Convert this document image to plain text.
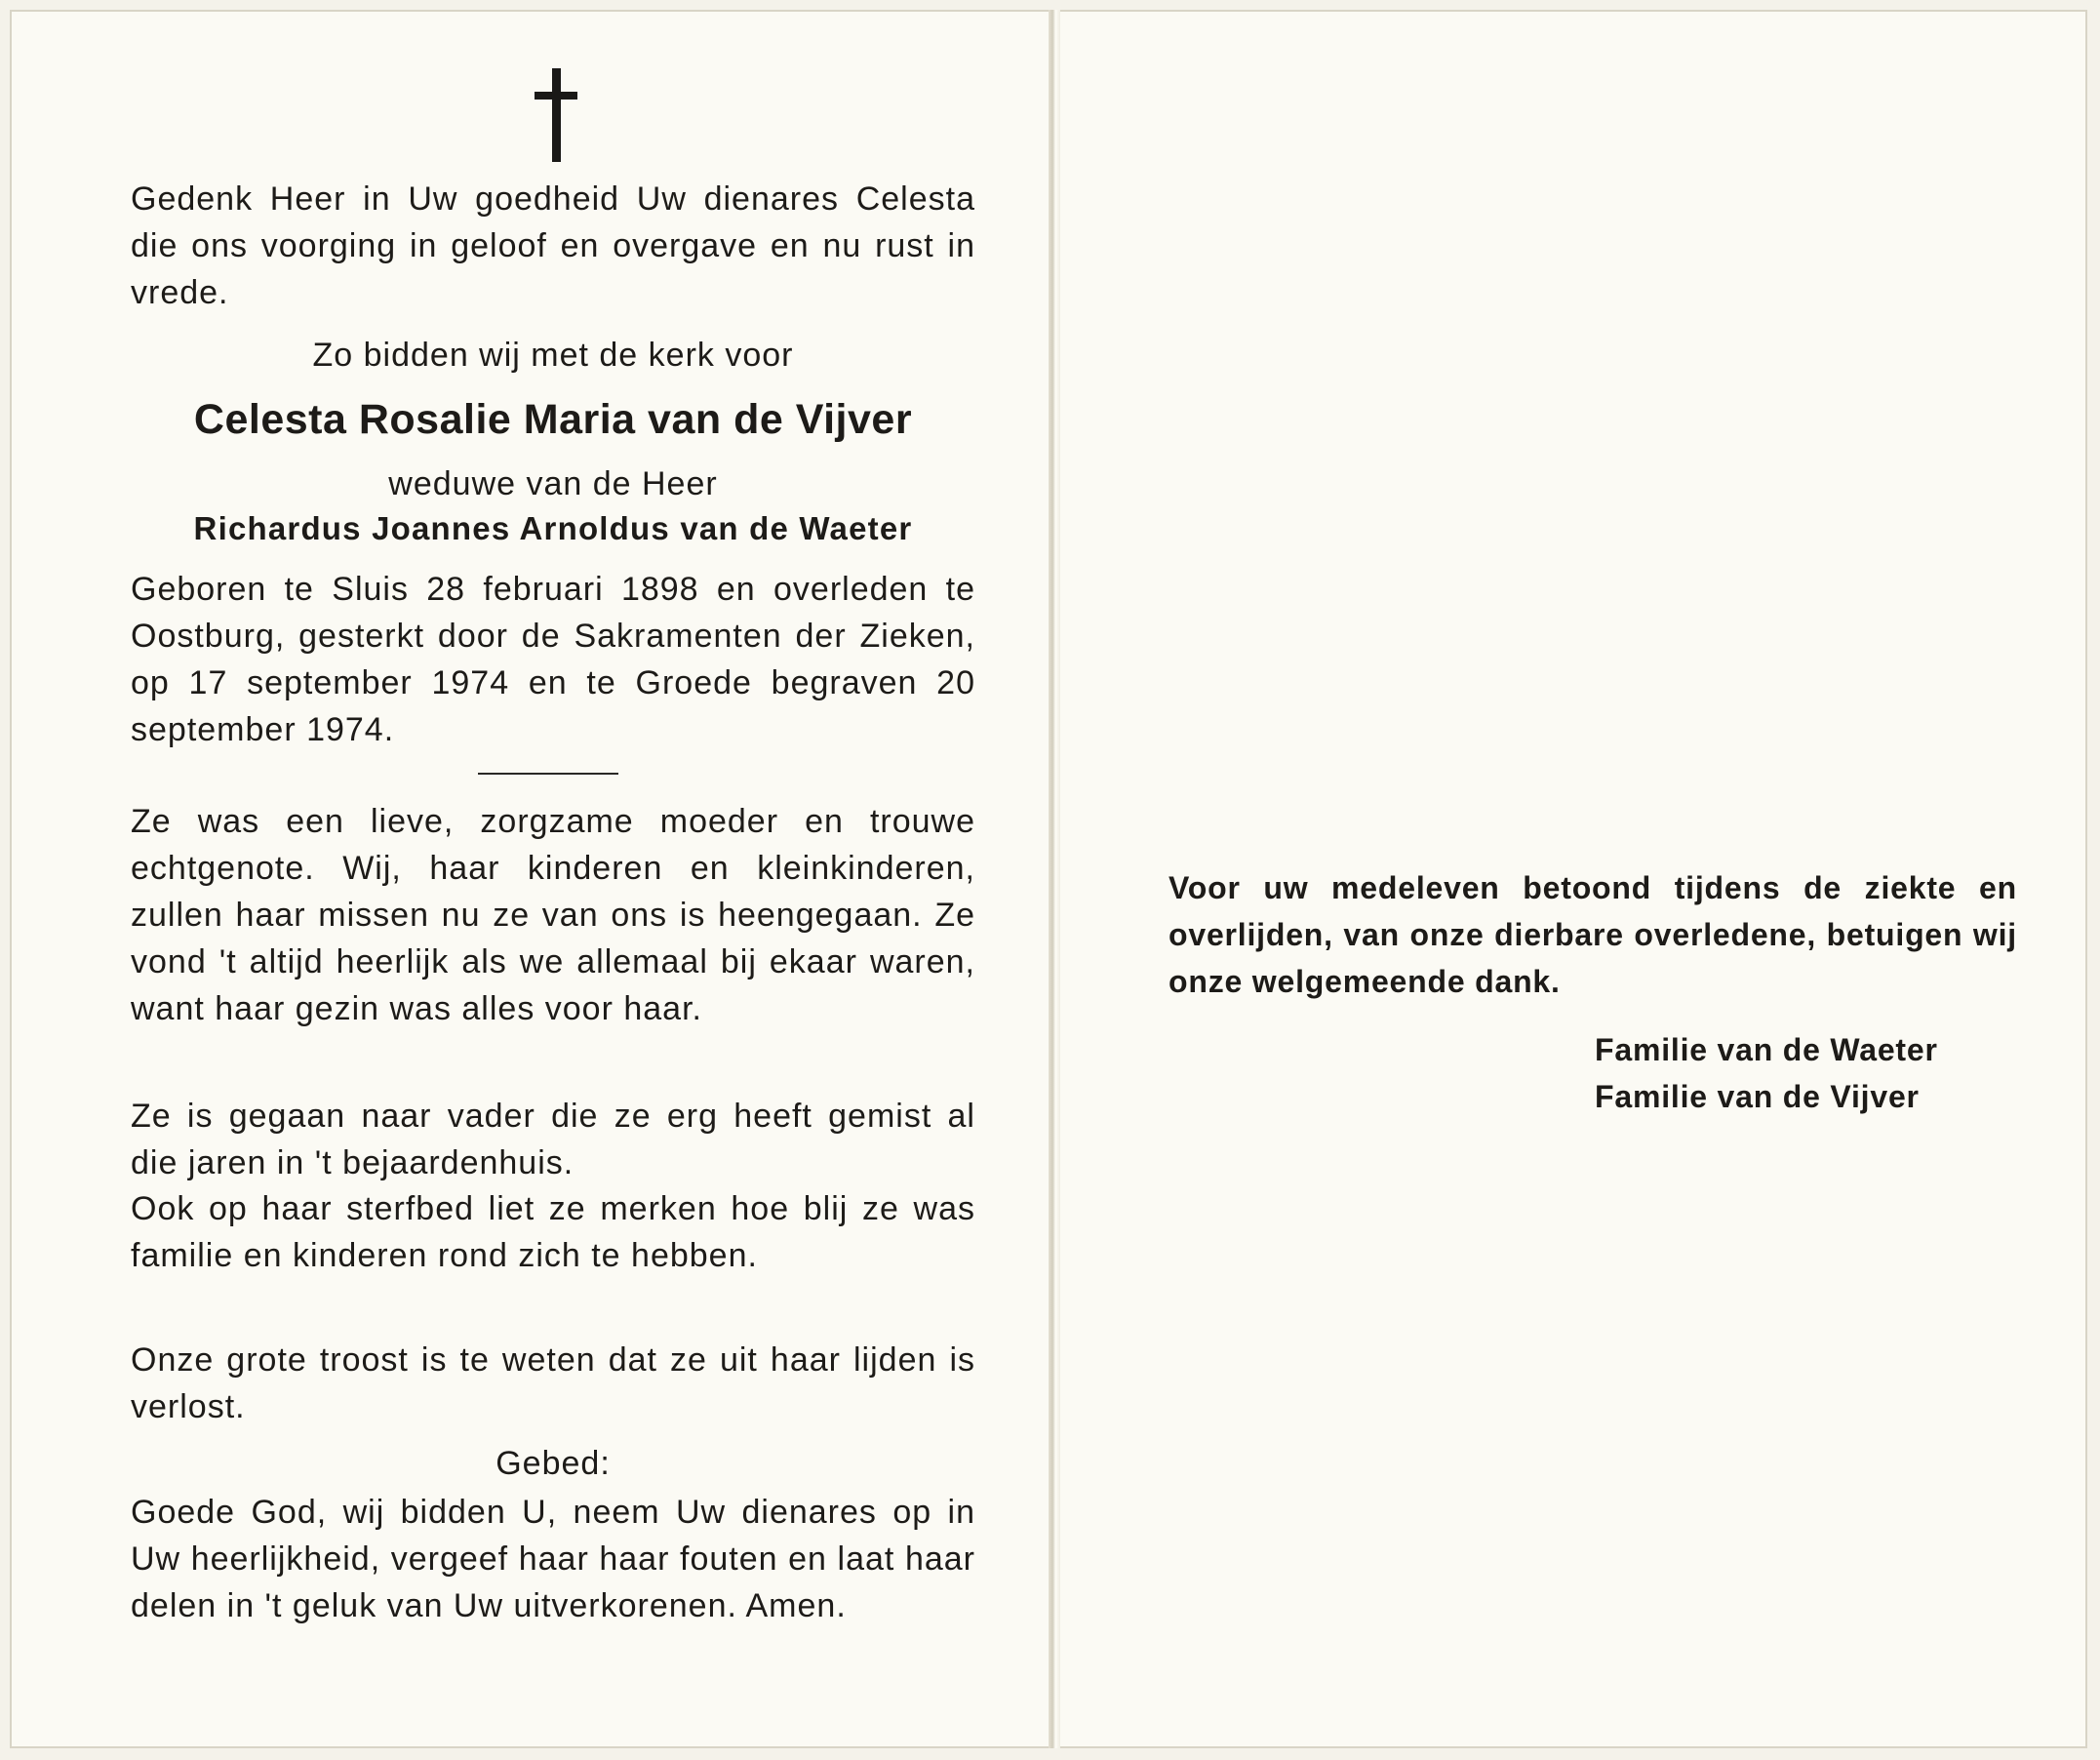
Gedenk Heer in Uw goedheid Uw dienares Celesta die ons voorging in geloof en overgave en nu rust in vrede.

Zo bidden wij met de kerk voor

Celesta Rosalie Maria van de Vijver

weduwe van de Heer

Richardus Joannes Arnoldus van de Waeter

Geboren te Sluis 28 februari 1898 en overleden te Oostburg, gesterkt door de Sakramenten der Zieken, op 17 september 1974 en te Groede begraven 20 september 1974.

Ze was een lieve, zorgzame moeder en trouwe echtgenote. Wij, haar kinderen en kleinkinderen, zullen haar missen nu ze van ons is heengegaan. Ze vond 't altijd heerlijk als we allemaal bij ekaar waren, want haar gezin was alles voor haar.

Ze is gegaan naar vader die ze erg heeft gemist al die jaren in 't bejaardenhuis.

Ook op haar sterfbed liet ze merken hoe blij ze was familie en kinderen rond zich te hebben.

Onze grote troost is te weten dat ze uit haar lijden is verlost.

Gebed:

Goede God, wij bidden U, neem Uw dienares op in Uw heerlijkheid, vergeef haar haar fouten en laat haar delen in 't geluk van Uw uitverkorenen. Amen.

Voor uw medeleven betoond tijdens de ziekte en overlijden, van onze dierbare overledene, betuigen wij onze welgemeende dank.

Familie van de Waeter

Familie van de Vijver
